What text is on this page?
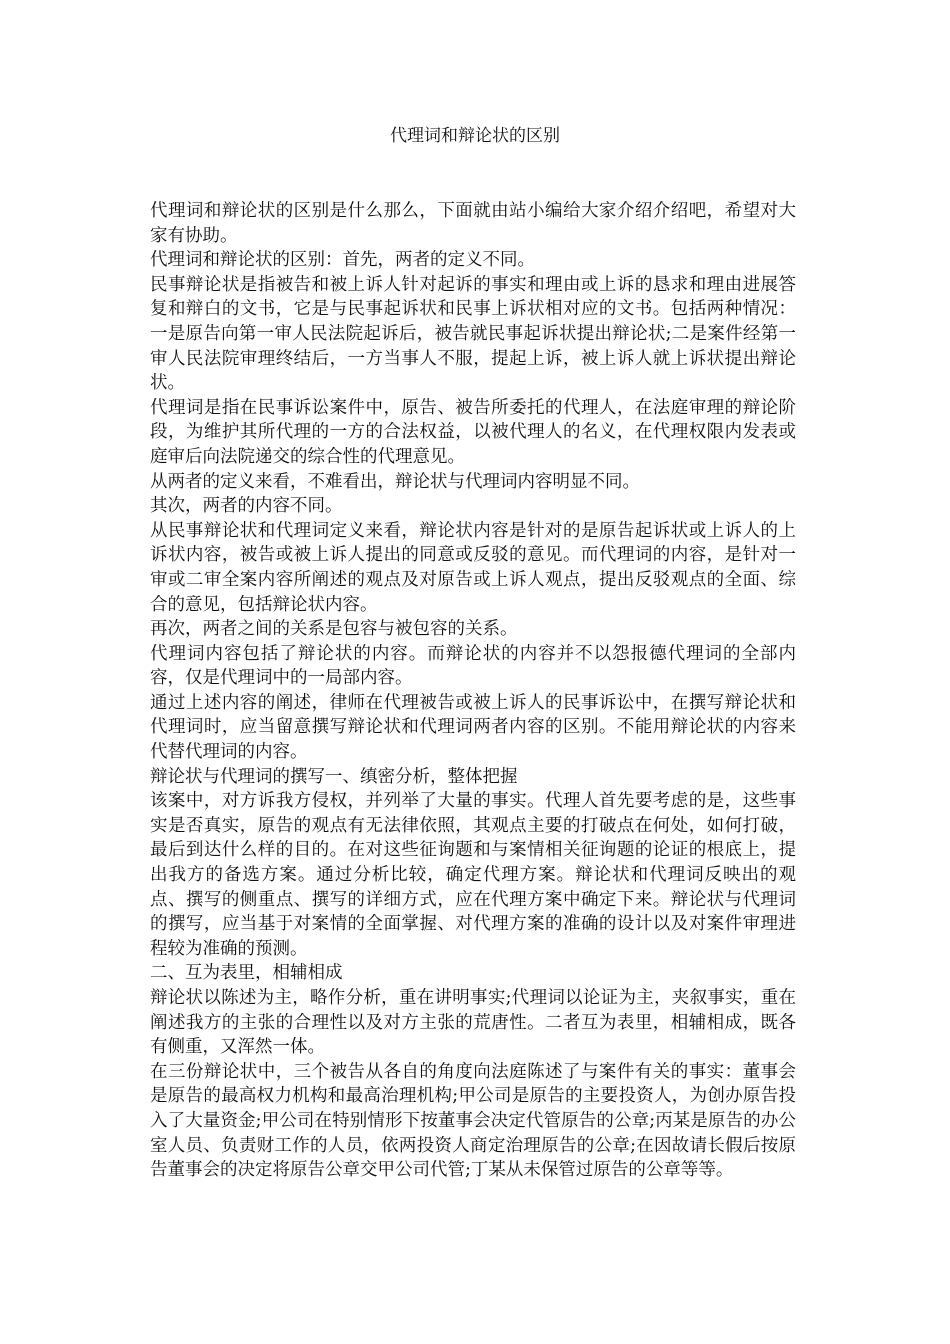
代理词和辩论状的区别

代理词和辩论状的区别是什么那么，下面就由站小编给大家介绍介绍吧，希望对大家有协助。

代理词和辩论状的区别：首先，两者的定义不同。

民事辩论状是指被告和被上诉人针对起诉的事实和理由或上诉的恳求和理由进展答复和辩白的文书，它是与民事起诉状和民事上诉状相对应的文书。包括两种情况：一是原告向第一审人民法院起诉后，被告就民事起诉状提出辩论状;二是案件经第一审人民法院审理终结后，一方当事人不服，提起上诉，被上诉人就上诉状提出辩论状。

代理词是指在民事诉讼案件中，原告、被告所委托的代理人，在法庭审理的辩论阶段，为维护其所代理的一方的合法权益，以被代理人的名义，在代理权限内发表或庭审后向法院递交的综合性的代理意见。

从两者的定义来看，不难看出，辩论状与代理词内容明显不同。

其次，两者的内容不同。

从民事辩论状和代理词定义来看，辩论状内容是针对的是原告起诉状或上诉人的上诉状内容，被告或被上诉人提出的同意或反驳的意见。而代理词的内容，是针对一审或二审全案内容所阐述的观点及对原告或上诉人观点，提出反驳观点的全面、综合的意见，包括辩论状内容。

再次，两者之间的关系是包容与被包容的关系。

代理词内容包括了辩论状的内容。而辩论状的内容并不以怨报德代理词的全部内容，仅是代理词中的一局部内容。

通过上述内容的阐述，律师在代理被告或被上诉人的民事诉讼中，在撰写辩论状和代理词时，应当留意撰写辩论状和代理词两者内容的区别。不能用辩论状的内容来代替代理词的内容。

辩论状与代理词的撰写一、缜密分析，整体把握

该案中，对方诉我方侵权，并列举了大量的事实。代理人首先要考虑的是，这些事实是否真实，原告的观点有无法律依照，其观点主要的打破点在何处，如何打破，最后到达什么样的目的。在对这些征询题和与案情相关征询题的论证的根底上，提出我方的备选方案。通过分析比较，确定代理方案。辩论状和代理词反映出的观点、撰写的侧重点、撰写的详细方式，应在代理方案中确定下来。辩论状与代理词的撰写，应当基于对案情的全面掌握、对代理方案的准确的设计以及对案件审理进程较为准确的预测。

二、互为表里，相辅相成

辩论状以陈述为主，略作分析，重在讲明事实;代理词以论证为主，夹叙事实，重在阐述我方的主张的合理性以及对方主张的荒唐性。二者互为表里，相辅相成，既各有侧重，又浑然一体。

在三份辩论状中，三个被告从各自的角度向法庭陈述了与案件有关的事实：董事会是原告的最高权力机构和最高治理机构;甲公司是原告的主要投资人，为创办原告投入了大量资金;甲公司在特别情形下按董事会决定代管原告的公章;丙某是原告的办公室人员、负责财工作的人员，依两投资人商定治理原告的公章;在因故请长假后按原告董事会的决定将原告公章交甲公司代管;丁某从未保管过原告的公章等等。
